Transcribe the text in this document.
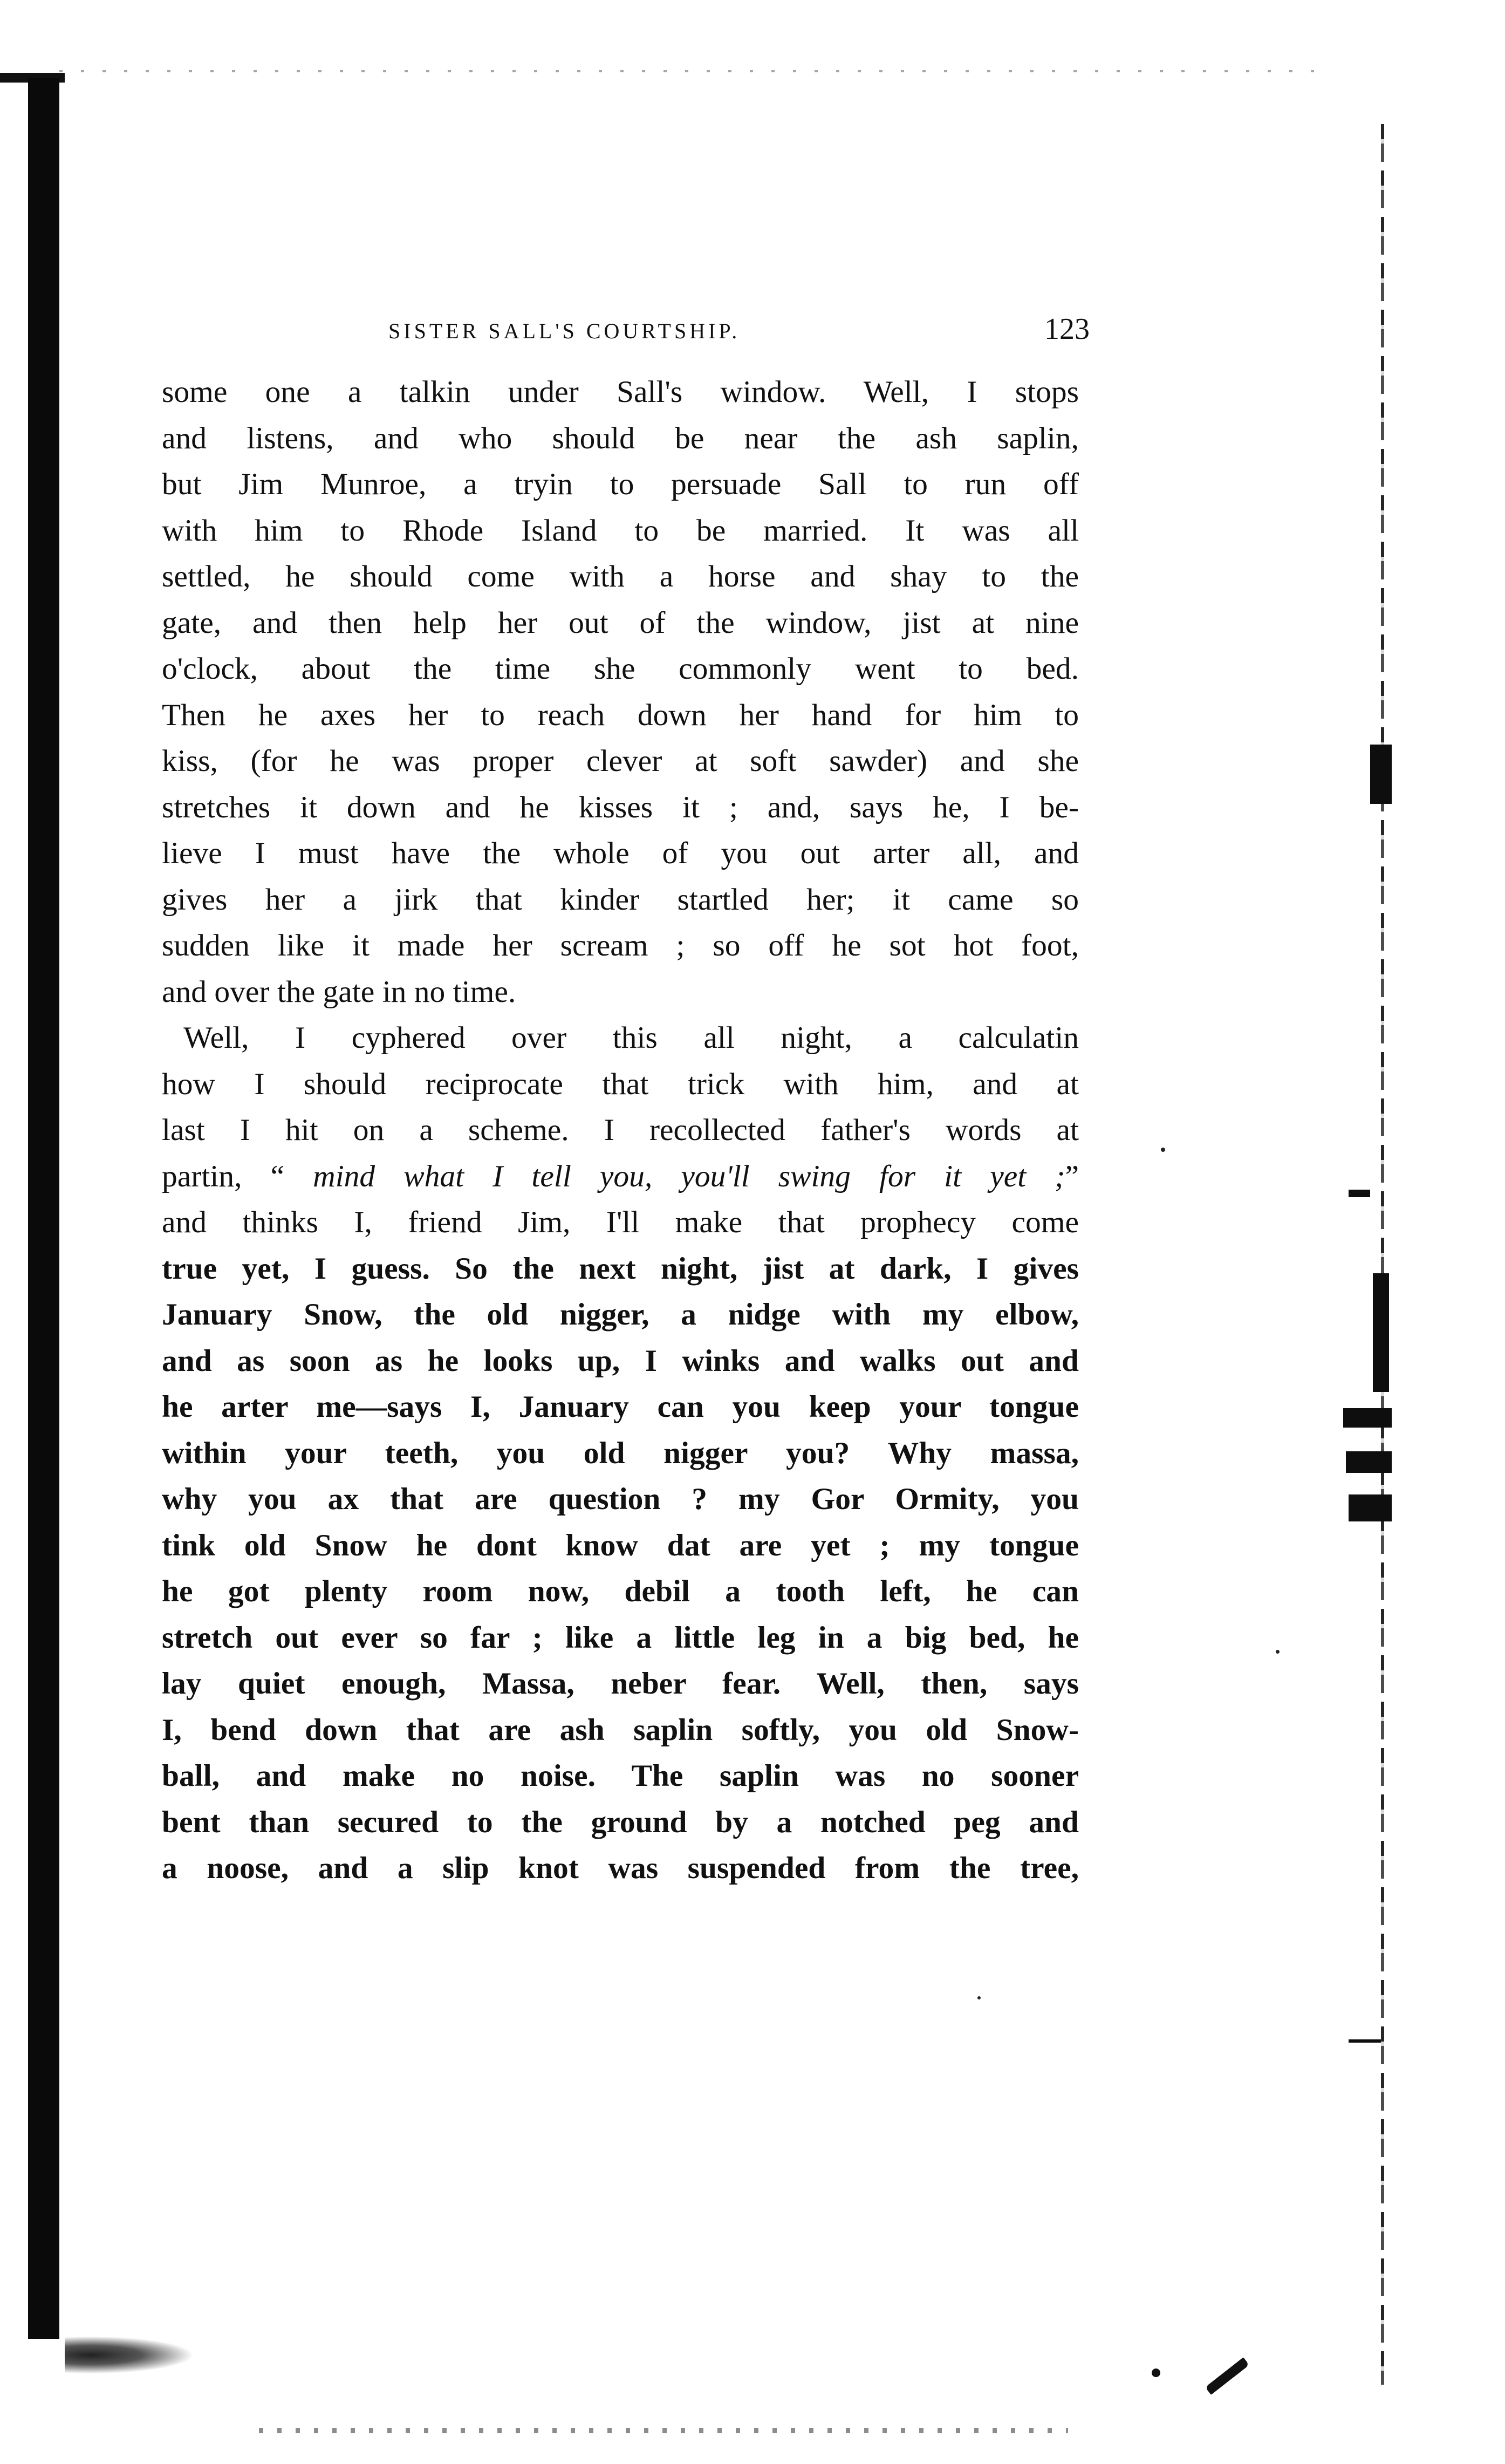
SISTER SALL'S COURTSHIP.	123

some one a talkin under Sall's window. Well, I stops
and listens, and who should be near the ash saplin,
but Jim Munroe, a tryin to persuade Sall to run off
with him to Rhode Island to be married. It was all
settled, he should come with a horse and shay to the
gate, and then help her out of the window, jist at nine
o'clock, about the time she commonly went to bed.
Then he axes her to reach down her hand for him to
kiss, (for he was proper clever at soft sawder) and she
stretches it down and he kisses it ; and, says he, I be-
lieve I must have the whole of you out arter all, and
gives her a jirk that kinder startled her; it came so
sudden like it made her scream ; so off he sot hot foot,
and over the gate in no time.

Well, I cyphered over this all night, a calculatin
how I should reciprocate that trick with him, and at
last I hit on a scheme. I recollected father's words at
partin, “ mind what I tell you, you'll swing for it yet ;”
and thinks I, friend Jim, I'll make that prophecy come
true yet, I guess. So the next night, jist at dark, I gives
January Snow, the old nigger, a nidge with my elbow,
and as soon as he looks up, I winks and walks out and
he arter me—says I, January can you keep your tongue
within your teeth, you old nigger you? Why massa,
why you ax that are question ? my Gor Ormity, you
tink old Snow he dont know dat are yet ; my tongue
he got plenty room now, debil a tooth left, he can
stretch out ever so far ; like a little leg in a big bed, he
lay quiet enough, Massa, neber fear. Well, then, says
I, bend down that are ash saplin softly, you old Snow-
ball, and make no noise. The saplin was no sooner
bent than secured to the ground by a notched peg and
a noose, and a slip knot was suspended from the tree,
